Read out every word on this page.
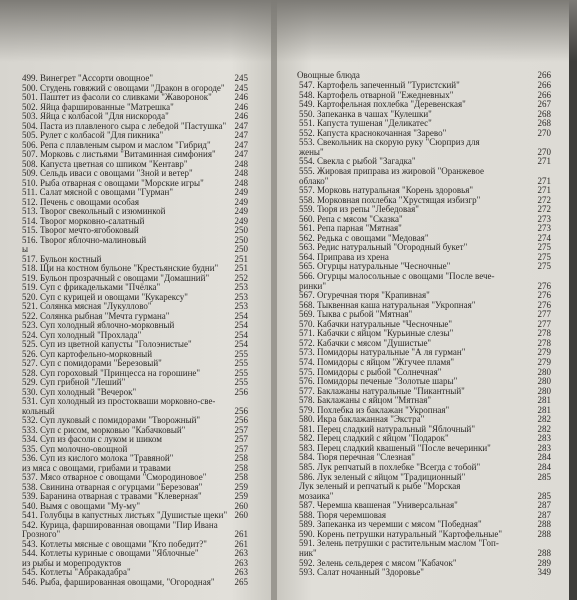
499. Винегрет "Ассорти овощное"	245
500. Студень говяжий с овощами "Дракон в огороде" 245
501. Паштет из фасоли со сливками "Жаворонок"	246
502. Яйца фаршированные "Матрешка"	246
503. Яйца с колбасой "Для нискорода"	246
504. Паста из плавленого сыра с лебедой "Пастушка" 247
505. Рулет с колбасой "Для пикника"	247
506. Репа с плавленым сыром и маслом "Гибрид"	247
507. Морковь с листьями "Витаминная симфония" 247
508. Капуста цветная со шпиком "Кентавр"	248
509. Сельдь иваси с овощами "Зной и ветер"	248
510. Рыба отварная с овощами "Морские игры"	248
511. Салат мясной с овощами "Гурман"	249
512. Печень с овощами особая	249
513. Творог свекольный с изюминкой	249
514. Творог морковно-салатный	249
515. Творог мечто-ягобоковый	250
516. Творог яблочно-малиновый	250
ы	250
517. Бульон костный	251
518. Щи на костном бульоне "Крестьянские будни" 251
519. Бульон прозрачный с овощами "Домашний"	252
519. Суп с фрикадельками "Пчёлка"	253
520. Суп с курицей и овощами "Кукарексу"	253
521. Солянка мясная "Лукуллово"	253
522. Солянка рыбная "Мечта гурмана"	254
523. Суп холодный яблочно-морковный	254
524. Суп холодный "Прохлада"	254
525. Суп из цветной капусты "Голоэнистые"	254
526. Суп картофельно-морковный	255
527. Суп с помидорами "Березовый"	255
528. Суп гороховый "Принцесса на горошине"	255
529. Суп грибной "Леший"	255
530. Суп холодный "Вечерок"	256
531. Суп холодный из простокваши морковно-све-
кольный	256
532. Суп луковый с помидорами "Творожный"	256
533. Суп с рисом, морковью "Кабачковый"	257
534. Суп из фасоли с луком и шиком	257
535. Суп молочно-овощной	257
536. Суп из кислого молока "Травяной"	258
из мяса с овощами, грибами и травами	258
537. Мясо отварное с овощами "Смородиновое"	258
538. Свинина отварная с огурцами "Березовая"	259
539. Баранина отварная с травами "Клеверная"	259
540. Вымя с овощами "Му-му"	260
541. Голубцы в капустных листьях "Душистые щеки" 260
542. Курица, фаршированная овощами "Пир Ивана
Грозного"	261
543. Котлеты мясные с овощами "Кто победит?"	261
544. Котлеты куриные с овощами "Яблочные"	263
из рыбы и морепродуктов	263
545. Котлеты "Абракадабра"	263
546. Рыба, фаршированная овощами, "Огородная" 265
Овощные блюда	266
547. Картофель запеченный "Туристский"	266
548. Картофель отварной "Ежедневных"	266
549. Картофельная похлебка "Деревенская"	267
550. Запеканка в чашах "Кулешки"	268
551. Капуста тушеная "Деликатес"	268
552. Капуста краснокочанная "Зарево"	270
553. Свекольник на скорую руку "Сюрприз для
жены"	270
554. Свекла с рыбой "Загадка"	271
555. Жировая приправа из жировой "Оранжевое
облако"	271
557. Морковь натуральная "Корень здоровья"	271
558. Морковная похлебка "Хрустящая избизгр"	272
559. Тюря из репы "Лебедовая"	272
560. Репа с мясом "Сказка"	273
561. Репа парная "Мятная"	273
562. Редька с овощами "Медовая"	274
563. Редис натуральный "Огородный букет"	275
564. Приправа из хрена	275
565. Огурцы натуральные "Чесночные"	275
566. Огурцы малосольные с овощами "После вече-
ринки"	276
567. Огуречная тюря "Крапивная"	276
568. Тыквенная каша натуральная "Укропная"	276
569. Тыква с рыбой "Мятная"	277
570. Кабачки натуральные "Чесночные"	277
571. Кабачки с яйцом "Курьиные слезы"	278
572. Кабачки с мясом "Душистые"	278
573. Помидоры натуральные "А ля гурман"	279
574. Помидоры с яйцом "Жгучее пламя"	279
575. Помидоры с рыбой "Солнечная"	280
576. Помидоры печеные "Золотые шары"	280
577. Баклажаны натуральные "Пикантный"	280
578. Баклажаны с яйцом "Мятная"	281
579. Похлебка из баклажан "Укропная"	281
580. Икра баклажанная "Экстра"	282
581. Перец сладкий натуральный "Яблочный"	282
582. Перец сладкий с яйцом "Подарок"	283
583. Перец сладкий квашеный "После вечеринки"	283
584. Тюря перечная "Слезная"	284
585. Лук репчатый в похлебке "Всегда с тобой"	284
586. Лук зеленый с яйцом "Традиционный"	285
Лук зеленый и репчатый к рыбе "Морская
мозаика"	285
587. Черемша квашеная "Универсальная"	287
588. Тюря черемшовая	287
589. Запеканка из черемши с мясом "Победная"	288
590. Корень петрушки натуральный "Картофельные"	288
591. Зелень петрушки с растительным маслом "Гоп-
ник"	288
592. Зелень сельдерея с мясом "Кабачок"	289
593. Салат ночанный "Здоровье"	349
